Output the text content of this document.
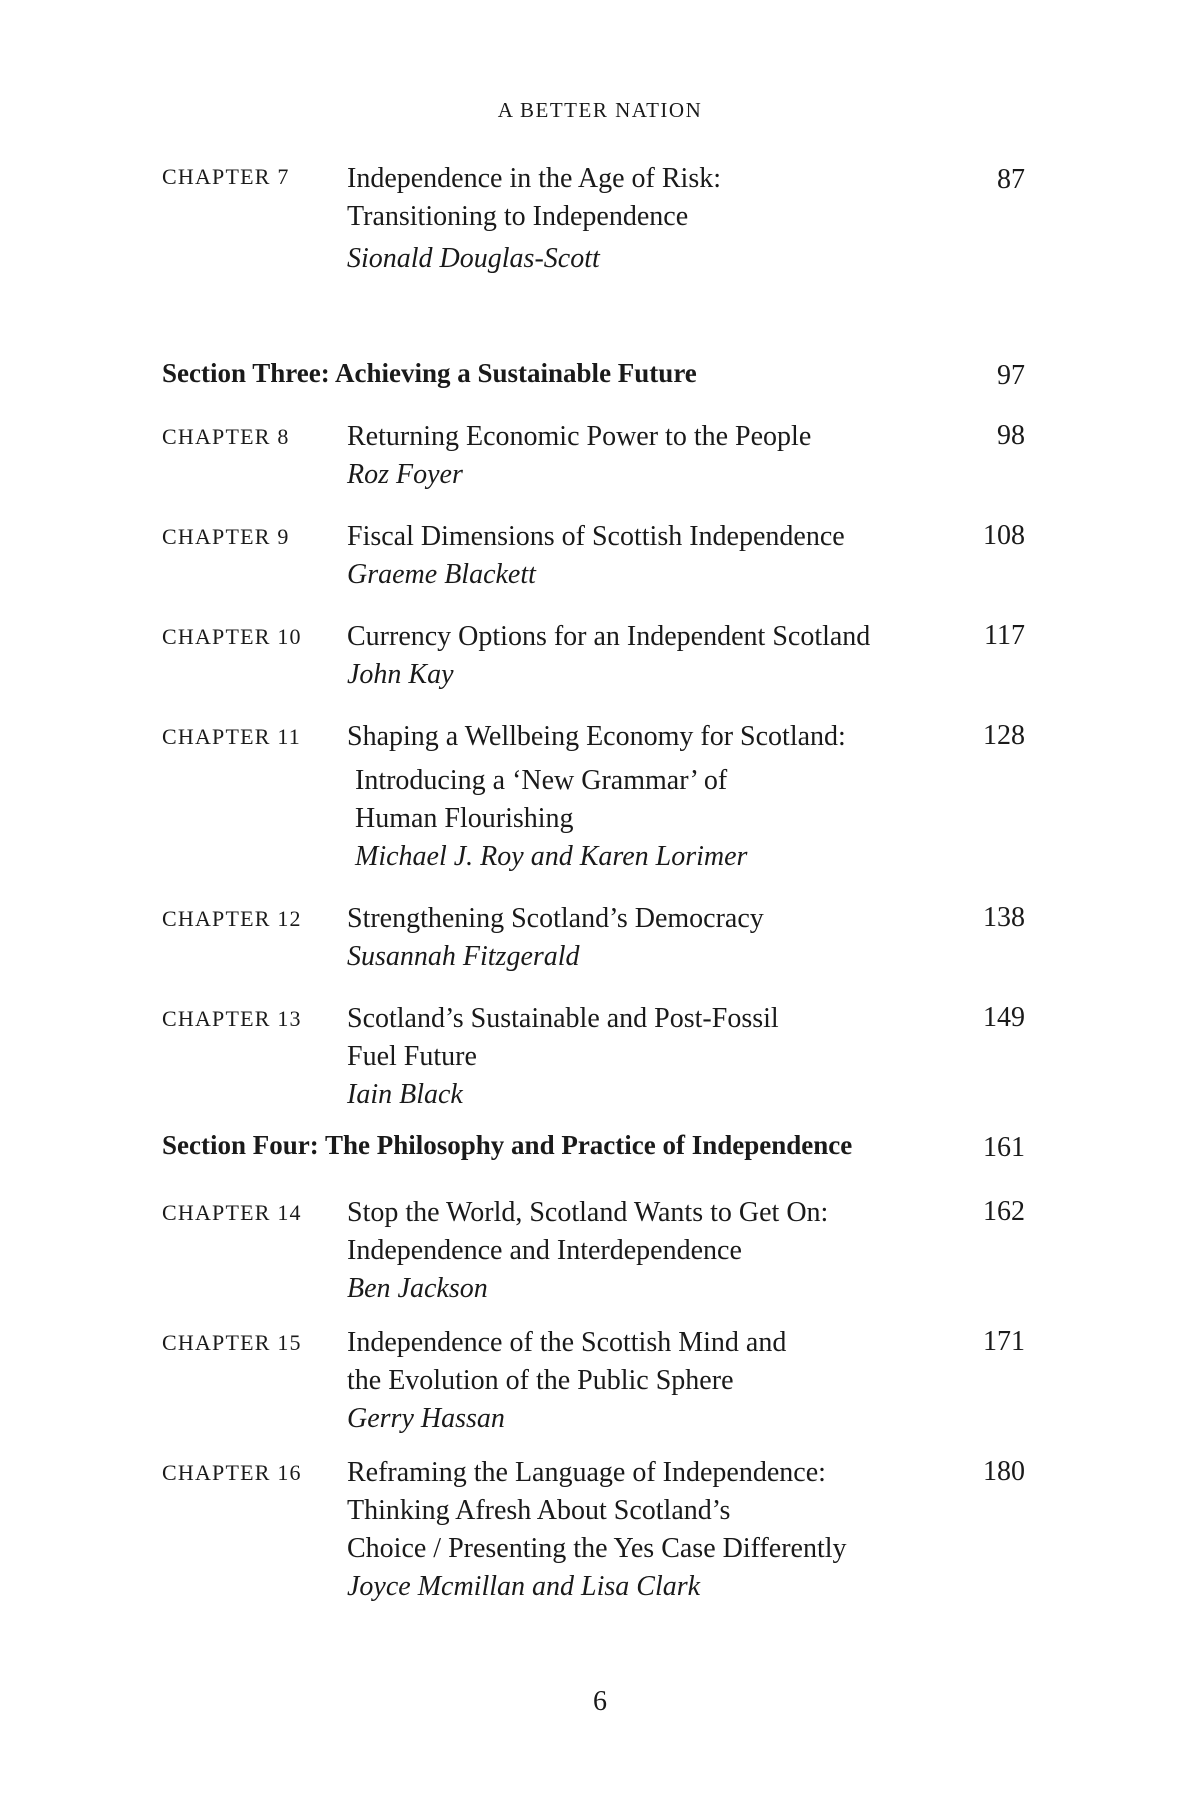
A BETTER NATION
CHAPTER 7 Independence in the Age of Risk:
Transitioning to Independence
Sionald Douglas-Scott
87
Section Three: Achieving a Sustainable Future	97
CHAPTER 8 Returning Economic Power to the People
Roz Foyer
98
CHAPTER 9 Fiscal Dimensions of Scottish Independence
Graeme Blackett
108
CHAPTER 10 Currency Options for an Independent Scotland
John Kay
117
CHAPTER 11 Shaping a Wellbeing Economy for Scotland:
Introducing a ‘New Grammar’ of
Human Flourishing
Michael J. Roy and Karen Lorimer
128
CHAPTER 12 Strengthening Scotland’s Democracy
Susannah Fitzgerald
138
CHAPTER 13 Scotland’s Sustainable and Post-Fossil
Fuel Future
Iain Black
149
Section Four: The Philosophy and Practice of Independence	161
CHAPTER 14 Stop the World, Scotland Wants to Get On:
Independence and Interdependence
Ben Jackson
162
CHAPTER 15 Independence of the Scottish Mind and
the Evolution of the Public Sphere
Gerry Hassan
171
CHAPTER 16 Reframing the Language of Independence:
Thinking Afresh About Scotland’s
Choice / Presenting the Yes Case Differently
Joyce Mcmillan and Lisa Clark
180
6
